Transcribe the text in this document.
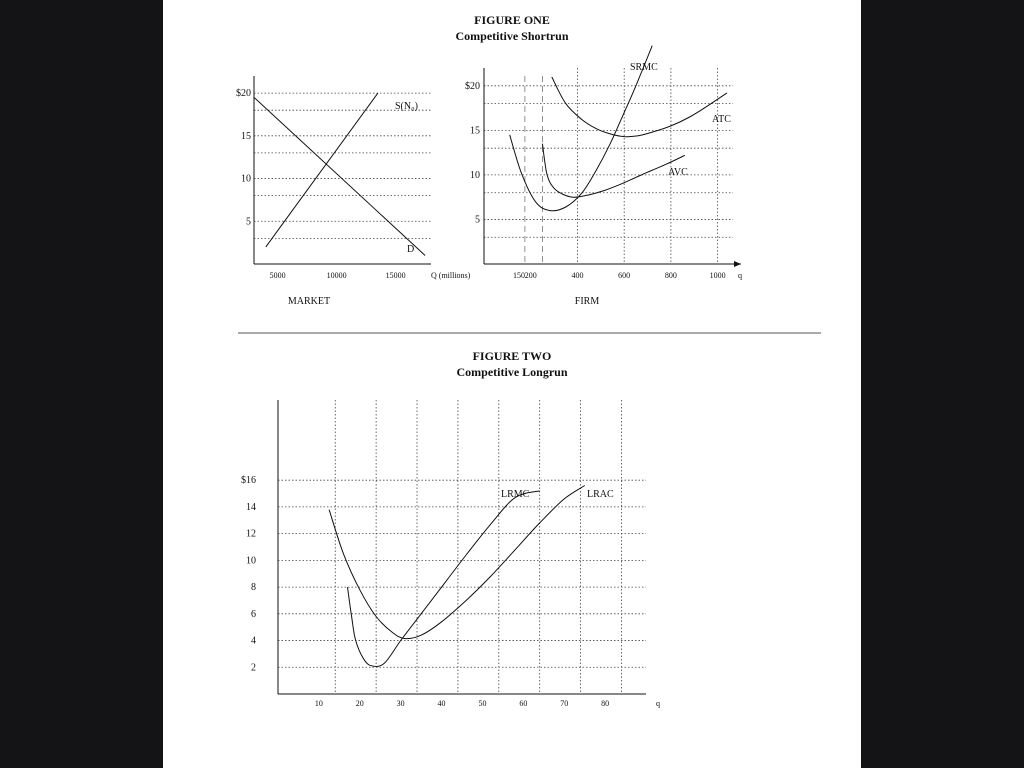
FIGURE ONE
Competitive Shortrun
$20
15
10
5
5000	10000	15000	Q (millions)
S(N₀)
D
$20
15
10
5
150 200	400	600	800	1000 q
SRMC
ATC
AVC
MARKET	FIRM
FIGURE TWO
Competitive Longrun
$16
14
12
10
8
6
4
2
10	20	30	40	50	60	70	80	q
LRMC	LRAC
